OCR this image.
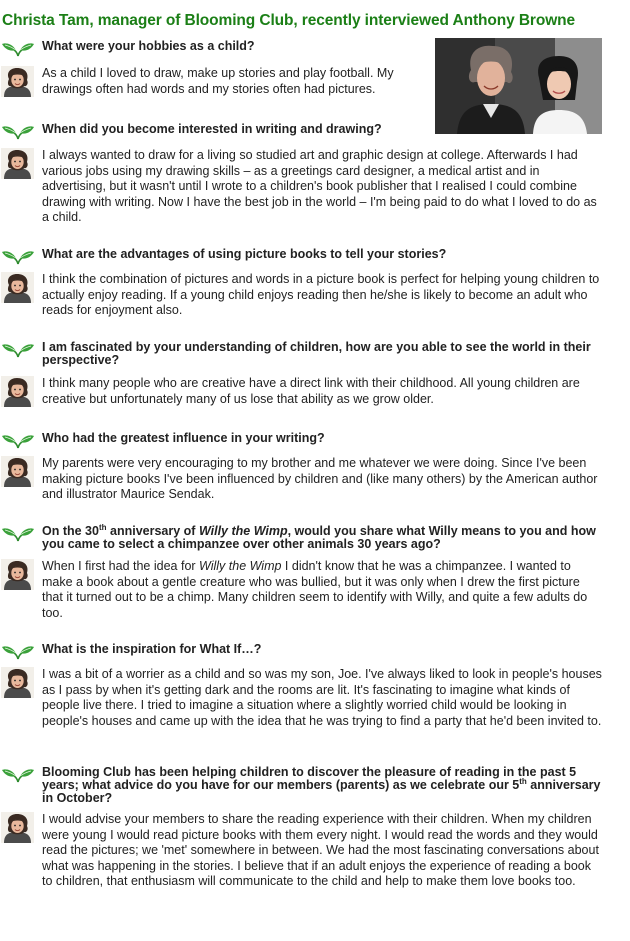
Christa Tam, manager of Blooming Club, recently interviewed Anthony Browne
What were your hobbies as a child?
As a child I loved to draw, make up stories and play football. My drawings often had words and my stories often had pictures.
When did you become interested in writing and drawing?
I always wanted to draw for a living so studied art and graphic design at college. Afterwards I had various jobs using my drawing skills – as a greetings card designer, a medical artist and in advertising, but it wasn't until I wrote to a children's book publisher that I realised I could combine drawing with writing. Now I have the best job in the world – I'm being paid to do what I loved to do as a child.
What are the advantages of using picture books to tell your stories?
I think the combination of pictures and words in a picture book is perfect for helping young children to actually enjoy reading. If a young child enjoys reading then he/she is likely to become an adult who reads for enjoyment also.
I am fascinated by your understanding of children, how are you able to see the world in their perspective?
I think many people who are creative have a direct link with their childhood. All young children are creative but unfortunately many of us lose that ability as we grow older.
Who had the greatest influence in your writing?
My parents were very encouraging to my brother and me whatever we were doing. Since I've been making picture books I've been influenced by children and (like many others) by the American author and illustrator Maurice Sendak.
On the 30th anniversary of Willy the Wimp, would you share what Willy means to you and how you came to select a chimpanzee over other animals 30 years ago?
When I first had the idea for Willy the Wimp I didn't know that he was a chimpanzee. I wanted to make a book about a gentle creature who was bullied, but it was only when I drew the first picture that it turned out to be a chimp. Many children seem to identify with Willy, and quite a few adults do too.
What is the inspiration for What If…?
I was a bit of a worrier as a child and so was my son, Joe. I've always liked to look in people's houses as I pass by when it's getting dark and the rooms are lit. It's fascinating to imagine what kinds of people live there. I tried to imagine a situation where a slightly worried child would be looking in people's houses and came up with the idea that he was trying to find a party that he'd been invited to.
Blooming Club has been helping children to discover the pleasure of reading in the past 5 years; what advice do you have for our members (parents) as we celebrate our 5th anniversary in October?
I would advise your members to share the reading experience with their children. When my children were young I would read picture books with them every night. I would read the words and they would read the pictures; we 'met' somewhere in between. We had the most fascinating conversations about what was happening in the stories. I believe that if an adult enjoys the experience of reading a book to children, that enthusiasm will communicate to the child and help to make them love books too.
